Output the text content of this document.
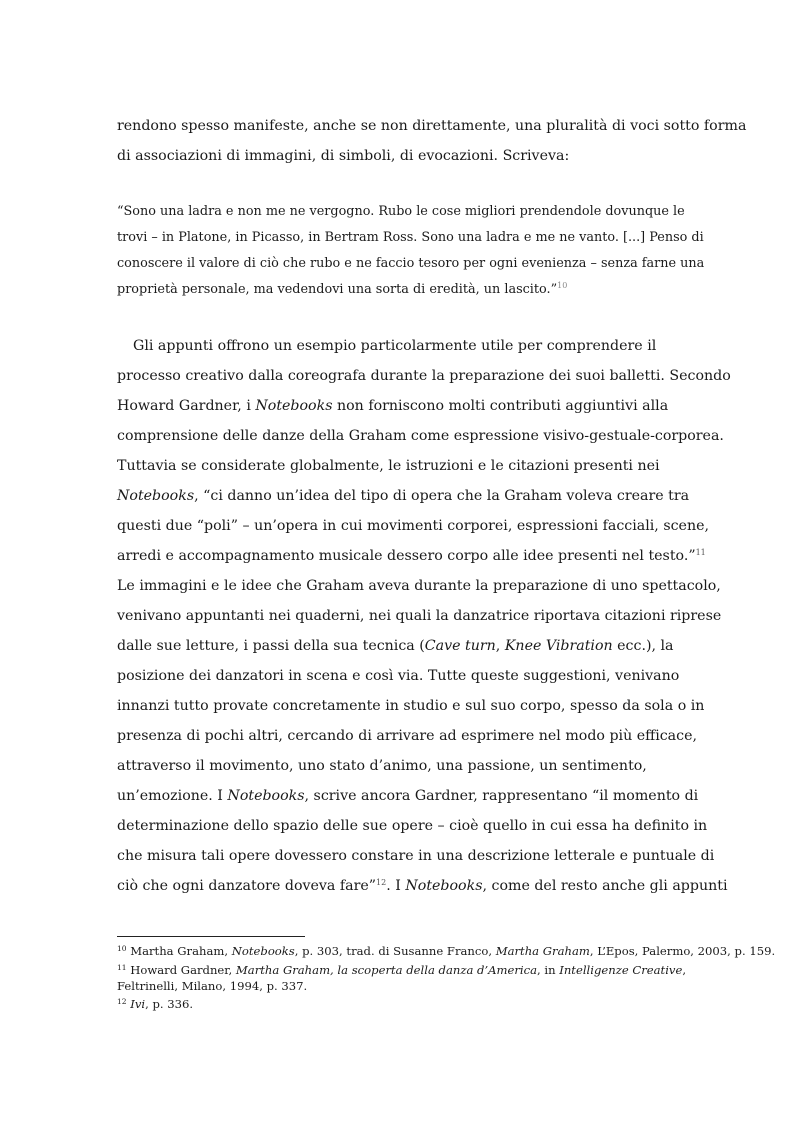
rendono spesso manifeste, anche se non direttamente, una pluralità di voci sotto forma
di associazioni di immagini, di simboli, di evocazioni. Scriveva:
“Sono una ladra e non me ne vergogno. Rubo le cose migliori prendendole dovunque le
trovi – in Platone, in Picasso, in Bertram Ross. Sono una ladra e me ne vanto. [...] Penso di
conoscere il valore di ciò che rubo e ne faccio tesoro per ogni evenienza – senza farne una
proprietà personale, ma vedendovi una sorta di eredità, un lascito.”$^{10}$
Gli appunti offrono un esempio particolarmente utile per comprendere il
processo creativo dalla coreografa durante la preparazione dei suoi balletti. Secondo
Howard Gardner, i Notebooks non forniscono molti contributi aggiuntivi alla
comprensione delle danze della Graham come espressione visivo-gestuale-corporea.
Tuttavia se considerate globalmente, le istruzioni e le citazioni presenti nei
Notebooks, “ci danno un’idea del tipo di opera che la Graham voleva creare tra
questi due “poli” – un’opera in cui movimenti corporei, espressioni facciali, scene,
arredi e accompagnamento musicale dessero corpo alle idee presenti nel testo.”$^{11}$
Le immagini e le idee che Graham aveva durante la preparazione di uno spettacolo,
venivano appuntanti nei quaderni, nei quali la danzatrice riportava citazioni riprese
dalle sue letture, i passi della sua tecnica (Cave turn, Knee Vibration ecc.), la
posizione dei danzatori in scena e così via. Tutte queste suggestioni, venivano
innanzi tutto provate concretamente in studio e sul suo corpo, spesso da sola o in
presenza di pochi altri, cercando di arrivare ad esprimere nel modo più efficace,
attraverso il movimento, uno stato d’animo, una passione, un sentimento,
un’emozione. I Notebooks, scrive ancora Gardner, rappresentano “il momento di
determinazione dello spazio delle sue opere – cioè quello in cui essa ha definito in
che misura tali opere dovessero constare in una descrizione letterale e puntuale di
ciò che ogni danzatore doveva fare”$^{12}$. I Notebooks, come del resto anche gli appunti
$^{10}$ Martha Graham, Notebooks, p. 303, trad. di Susanne Franco, Martha Graham, L’Epos, Palermo, 2003, p. 159.
$^{11}$ Howard Gardner, Martha Graham, la scoperta della danza d’America, in Intelligenze Creative,
Feltrinelli, Milano, 1994, p. 337.
$^{12}$ Ivi, p. 336.
